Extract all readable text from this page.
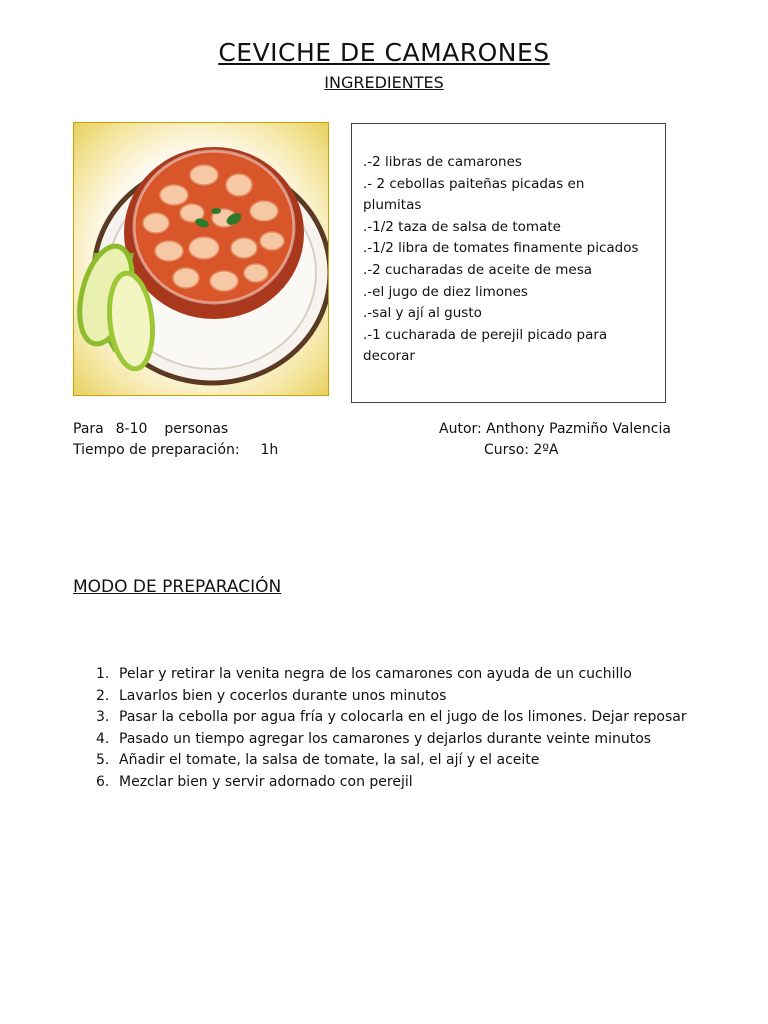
CEVICHE DE CAMARONES
INGREDIENTES
.-2 libras de camarones
.- 2 cebollas paiteñas picadas en
plumitas
.-1/2 taza de salsa de tomate
.-1/2 libra de tomates finamente picados
.-2 cucharadas de aceite de mesa
.-el jugo de diez limones
.-sal y ají al gusto
.-1 cucharada de perejil picado para
decorar
Para 8-10 personas
Tiempo de preparación: 1h
Autor: Anthony Pazmiño Valencia
Curso: 2ºA
MODO DE PREPARACIÓN
1. Pelar y retirar la venita negra de los camarones con ayuda de un cuchillo
2. Lavarlos bien y cocerlos durante unos minutos
3. Pasar la cebolla por agua fría y colocarla en el jugo de los limones. Dejar reposar
4. Pasado un tiempo agregar los camarones y dejarlos durante veinte minutos
5. Añadir el tomate, la salsa de tomate, la sal, el ají y el aceite
6. Mezclar bien y servir adornado con perejil
